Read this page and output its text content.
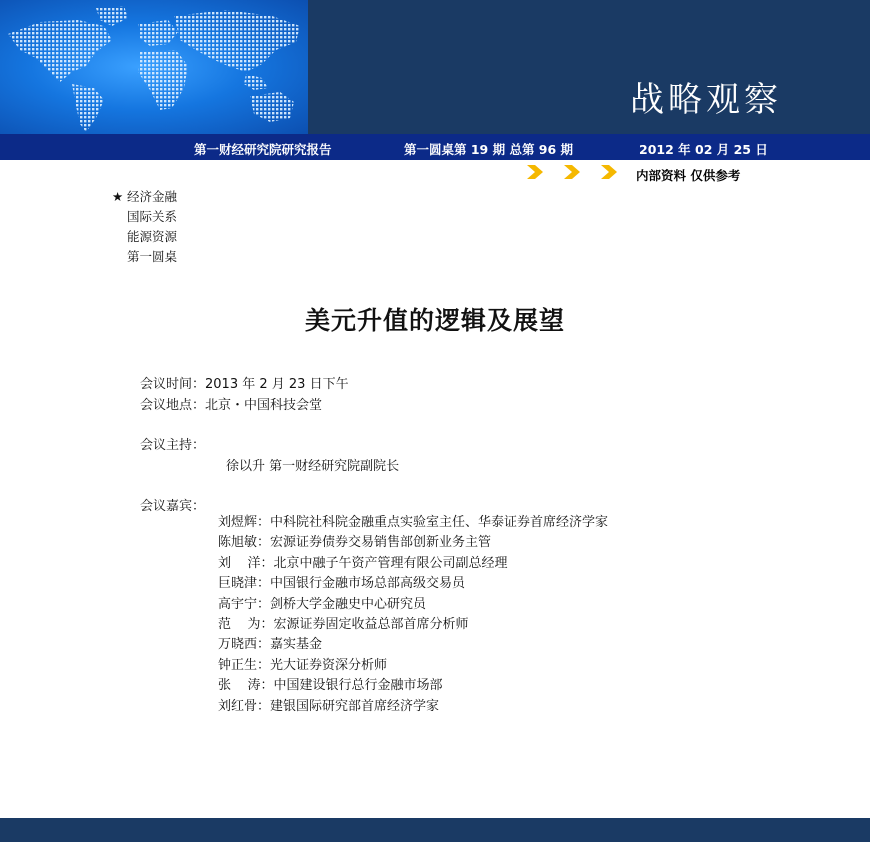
战略观察
第一财经研究院研究报告	第一圆桌第 19 期 总第 96 期	2012 年 02 月 25 日

内部资料 仅供参考
★ 经济金融
国际关系
能源资源
第一圆桌
美元升值的逻辑及展望
会议时间：2013 年 2 月 23 日下午
会议地点：北京・中国科技会堂
会议主持：
徐以升 第一财经研究院副院长
会议嘉宾：
刘煜辉：中科院社科院金融重点实验室主任、华泰证券首席经济学家
陈旭敏：宏源证券债券交易销售部创新业务主管
刘    洋：北京中融子午资产管理有限公司副总经理
巨晓津：中国银行金融市场总部高级交易员
高宇宁：剑桥大学金融史中心研究员
范    为：宏源证券固定收益总部首席分析师
万晓西：嘉实基金
钟正生：光大证券资深分析师
张    涛：中国建设银行总行金融市场部
刘红骨：建银国际研究部首席经济学家
